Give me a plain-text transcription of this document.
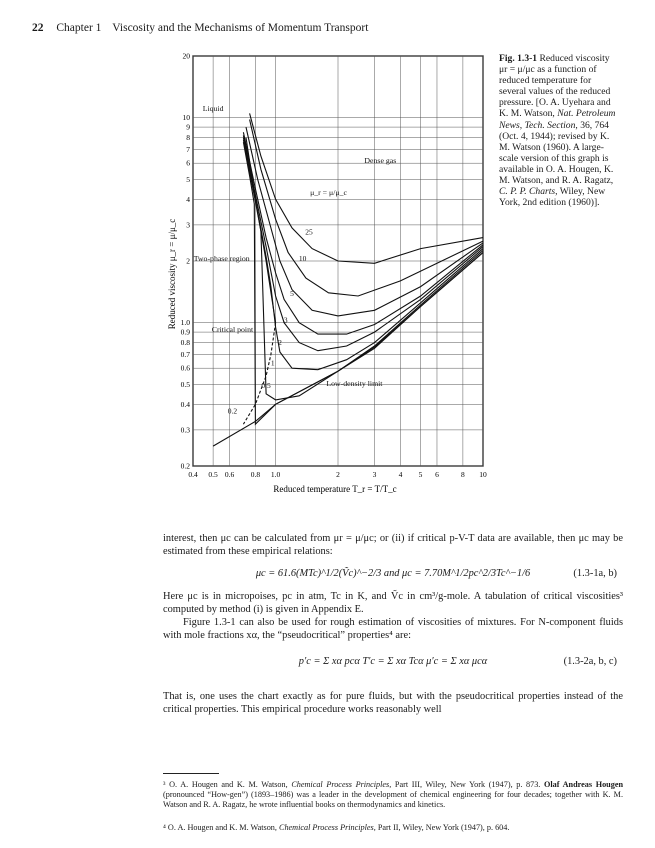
22 Chapter 1 Viscosity and the Mechanisms of Momentum Transport
0.4 0.5 0.6 0.8 1.0	2	3	4 5 6	8 10
0.2
0.3
0.4
0.5
0.6
0.7
0.8
0.9
1.0
2
3
4
5
6
7
8
9
10
20
25
10
5
3
2
1
0.5
0.2
Liquid
Dense gas
Two-phase region
Critical point
Low-density limit
μ_r = μ/μ_c
Reduced temperature T_r = T/T_c
Reduced viscosity μ_r = μ/μ_c
Fig. 1.3-1 Reduced viscosity μr = μ/μc as a function of reduced temperature for several values of the reduced pressure. [O. A. Uyehara and K. M. Watson, Nat. Petroleum News, Tech. Section, 36, 764 (Oct. 4, 1944); revised by K. M. Watson (1960). A large-scale version of this graph is available in O. A. Hougen, K. M. Watson, and R. A. Ragatz, C. P. P. Charts, Wiley, New York, 2nd edition (1960)].
interest, then μc can be calculated from μr = μ/μc; or (ii) if critical p-V-T data are available, then μc may be estimated from these empirical relations:
μc = 61.6(MTc)^1/2(Ṽc)^−2/3 and μc = 7.70M^1/2pc^2/3Tc^−1/6	(1.3-1a, b)
Here μc is in micropoises, pc in atm, Tc in K, and Ṽc in cm³/g-mole. A tabulation of critical viscosities³ computed by method (i) is given in Appendix E.
Figure 1.3-1 can also be used for rough estimation of viscosities of mixtures. For N-component fluids with mole fractions xα, the “pseudocritical” properties⁴ are:
p′c = Σ xα pcα T′c = Σ xα Tcα μ′c = Σ xα μcα	(1.3-2a, b, c)
That is, one uses the chart exactly as for pure fluids, but with the pseudocritical properties instead of the critical properties. This empirical procedure works reasonably well
³ O. A. Hougen and K. M. Watson, Chemical Process Principles, Part III, Wiley, New York (1947), p. 873. Olaf Andreas Hougen (pronounced “How-gen”) (1893–1986) was a leader in the development of chemical engineering for four decades; together with K. M. Watson and R. A. Ragatz, he wrote influential books on thermodynamics and kinetics.
⁴ O. A. Hougen and K. M. Watson, Chemical Process Principles, Part II, Wiley, New York (1947), p. 604.
